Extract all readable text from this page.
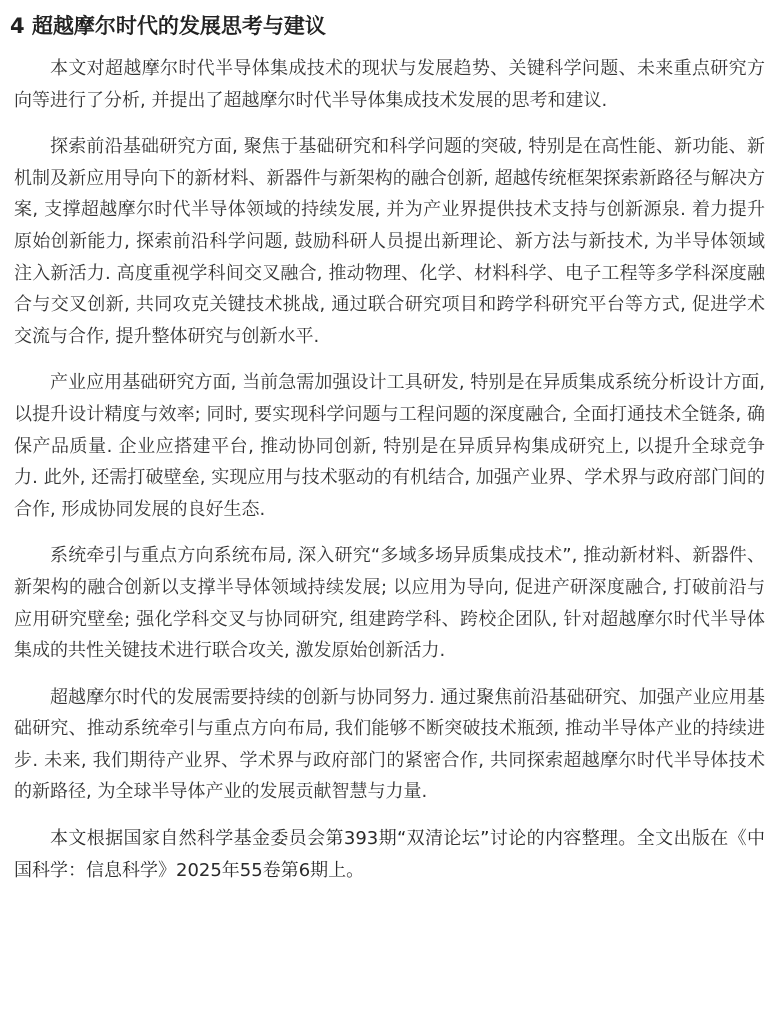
4 超越摩尔时代的发展思考与建议

本文对超越摩尔时代半导体集成技术的现状与发展趋势、关键科学问题、未来重点研究方向等进行了分析, 并提出了超越摩尔时代半导体集成技术发展的思考和建议.

探索前沿基础研究方面, 聚焦于基础研究和科学问题的突破, 特别是在高性能、新功能、新机制及新应用导向下的新材料、新器件与新架构的融合创新, 超越传统框架探索新路径与解决方案, 支撑超越摩尔时代半导体领域的持续发展, 并为产业界提供技术支持与创新源泉. 着力提升原始创新能力, 探索前沿科学问题, 鼓励科研人员提出新理论、新方法与新技术, 为半导体领域注入新活力. 高度重视学科间交叉融合, 推动物理、化学、材料科学、电子工程等多学科深度融合与交叉创新, 共同攻克关键技术挑战, 通过联合研究项目和跨学科研究平台等方式, 促进学术交流与合作, 提升整体研究与创新水平.

产业应用基础研究方面, 当前急需加强设计工具研发, 特别是在异质集成系统分析设计方面, 以提升设计精度与效率; 同时, 要实现科学问题与工程问题的深度融合, 全面打通技术全链条, 确保产品质量. 企业应搭建平台, 推动协同创新, 特别是在异质异构集成研究上, 以提升全球竞争力. 此外, 还需打破壁垒, 实现应用与技术驱动的有机结合, 加强产业界、学术界与政府部门间的合作, 形成协同发展的良好生态.

系统牵引与重点方向系统布局, 深入研究“多域多场异质集成技术”, 推动新材料、新器件、新架构的融合创新以支撑半导体领域持续发展; 以应用为导向, 促进产研深度融合, 打破前沿与应用研究壁垒; 强化学科交叉与协同研究, 组建跨学科、跨校企团队, 针对超越摩尔时代半导体集成的共性关键技术进行联合攻关, 激发原始创新活力.

超越摩尔时代的发展需要持续的创新与协同努力. 通过聚焦前沿基础研究、加强产业应用基础研究、推动系统牵引与重点方向布局, 我们能够不断突破技术瓶颈, 推动半导体产业的持续进步. 未来, 我们期待产业界、学术界与政府部门的紧密合作, 共同探索超越摩尔时代半导体技术的新路径, 为全球半导体产业的发展贡献智慧与力量.

本文根据国家自然科学基金委员会第393期“双清论坛”讨论的内容整理。全文出版在《中国科学：信息科学》2025年55卷第6期上。
